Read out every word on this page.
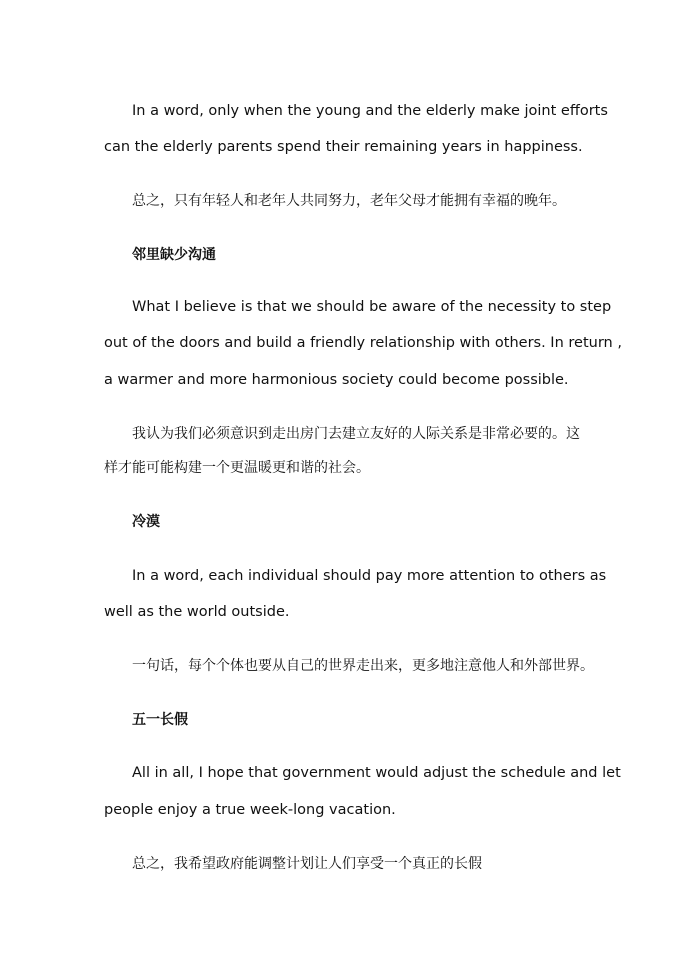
In a word, only when the young and the elderly make joint efforts
can the elderly parents spend their remaining years in happiness.
总之，只有年轻人和老年人共同努力，老年父母才能拥有幸福的晚年。
邻里缺少沟通
What I believe is that we should be aware of the necessity to step
out of the doors and build a friendly relationship with others. In return ,
a warmer and more harmonious society could become possible.
我认为我们必须意识到走出房门去建立友好的人际关系是非常必要的。这
样才能可能构建一个更温暖更和谐的社会。
冷漠
In a word, each individual should pay more attention to others as
well as the world outside.
一句话，每个个体也要从自己的世界走出来，更多地注意他人和外部世界。
五一长假
All in all, I hope that government would adjust the schedule and let
people enjoy a true week-long vacation.
总之，我希望政府能调整计划让人们享受一个真正的长假
